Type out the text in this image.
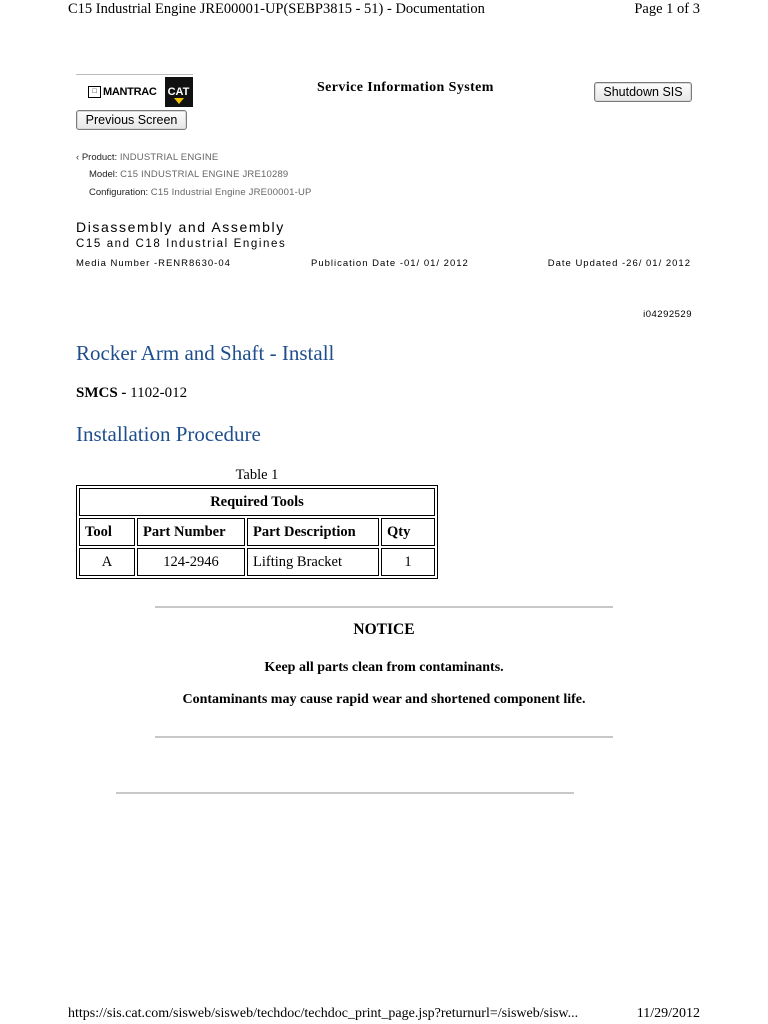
C15 Industrial Engine JRE00001-UP(SEBP3815 - 51) - Documentation	Page 1 of 3
□ MANTRAC CAT	Service Information System	Shutdown SIS
Previous Screen
‹ Product: INDUSTRIAL ENGINE
Model: C15 INDUSTRIAL ENGINE JRE10289
Configuration: C15 Industrial Engine JRE00001-UP
Disassembly and Assembly
C15 and C18 Industrial Engines
Media Number -RENR8630-04	Publication Date -01/ 01/ 2012	Date Updated -26/ 01/ 2012
i04292529
Rocker Arm and Shaft - Install
SMCS - 1102-012
Installation Procedure
Table 1
Required Tools			
Tool	Part Number	Part Description	Qty
A	124-2946	Lifting Bracket	1
NOTICE
Keep all parts clean from contaminants.
Contaminants may cause rapid wear and shortened component life.
https://sis.cat.com/sisweb/sisweb/techdoc/techdoc_print_page.jsp?returnurl=/sisweb/sisw...	11/29/2012
